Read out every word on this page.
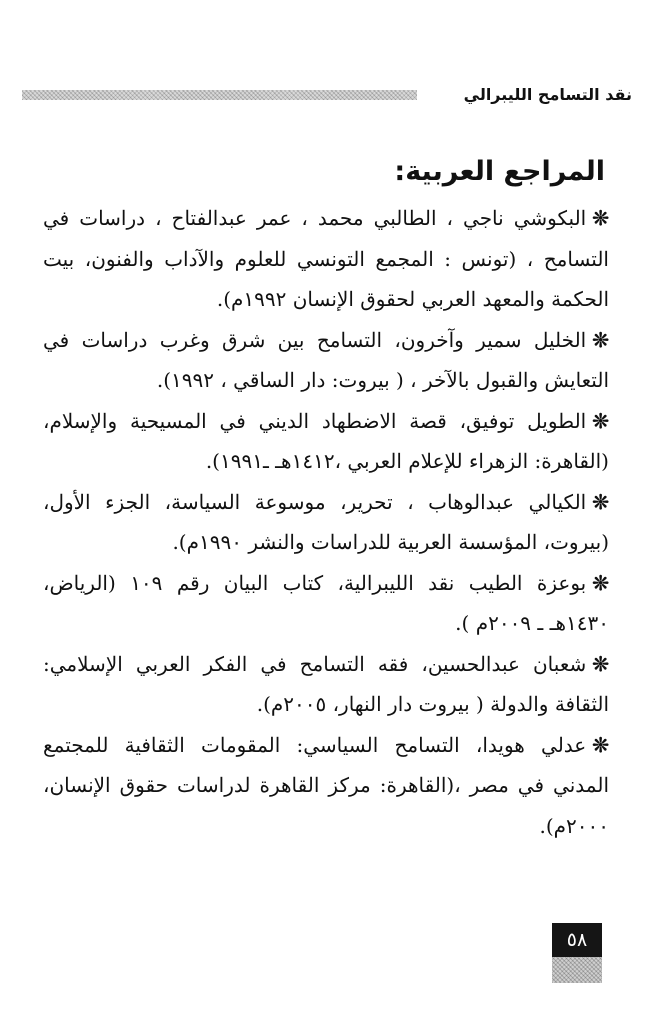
نقد التسامح الليبرالي
المراجع العربية:
❊البكوشي ناجي ، الطالبي محمد ، عمر عبدالفتاح ، دراسات في التسامح ، (تونس : المجمع التونسي للعلوم والآداب والفنون، بيت الحكمة والمعهد العربي لحقوق الإنسان ١٩٩٢م).
❊الخليل سمير وآخرون، التسامح بين شرق وغرب دراسات في التعايش والقبول بالآخر ، ( بيروت: دار الساقي ، ١٩٩٢).
❊الطويل توفيق، قصة الاضطهاد الديني في المسيحية والإسلام، (القاهرة: الزهراء للإعلام العربي ،١٤١٢هـ ـ١٩٩١).
❊الكيالي عبدالوهاب ، تحرير، موسوعة السياسة، الجزء الأول، (بيروت، المؤسسة العربية للدراسات والنشر ١٩٩٠م).
❊بوعزة الطيب نقد الليبرالية، كتاب البيان رقم ١٠٩ (الرياض، ١٤٣٠هـ ـ ٢٠٠٩م ).
❊شعبان عبدالحسين، فقه التسامح في الفكر العربي الإسلامي: الثقافة والدولة ( بيروت دار النهار، ٢٠٠٥م).
❊عدلي هويدا، التسامح السياسي: المقومات الثقافية للمجتمع المدني في مصر ،(القاهرة: مركز القاهرة لدراسات حقوق الإنسان، ٢٠٠٠م).
٥٨
